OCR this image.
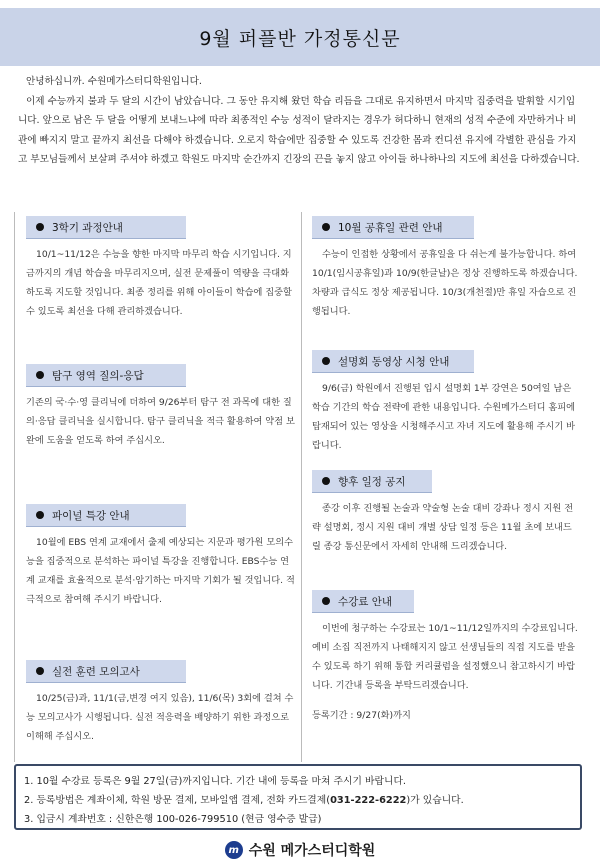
9월 퍼플반 가정통신문

안녕하십니까. 수원메가스터디학원입니다.

이제 수능까지 불과 두 달의 시간이 남았습니다. 그 동안 유지해 왔던 학습 리듬을 그대로 유지하면서 마지막 집중력을 발휘할 시기입니다. 앞으로 남은 두 달을 어떻게 보내느냐에 따라 최종적인 수능 성적이 달라지는 경우가 허다하니 현재의 성적 수준에 자만하거나 비관에 빠지지 말고 끝까지 최선을 다해야 하겠습니다. 오로지 학습에만 집중할 수 있도록 건강한 몸과 컨디션 유지에 각별한 관심을 가지고 부모님들께서 보살펴 주셔야 하겠고 학원도 마지막 순간까지 긴장의 끈을 놓지 않고 아이들 하나하나의 지도에 최선을 다하겠습니다.

3학기 과정안내
10/1~11/12은 수능을 향한 마지막 마무리 학습 시기입니다. 지금까지의 개념 학습을 마무리지으며, 실전 문제풀이 역량을 극대화하도록 지도할 것입니다. 최종 정리를 위해 아이들이 학습에 집중할 수 있도록 최선을 다해 관리하겠습니다.
탐구 영역 질의-응답
기존의 국·수·영 클리닉에 더하여 9/26부터 탐구 전 과목에 대한 질의·응답 클리닉을 실시합니다. 탐구 클리닉을 적극 활용하여 약점 보완에 도움을 얻도록 하여 주십시오.
파이널 특강 안내
10월에 EBS 연계 교재에서 출제 예상되는 지문과 평가원 모의수능을 집중적으로 분석하는 파이널 특강을 진행합니다. EBS수능 연계 교재를 효율적으로 분석·암기하는 마지막 기회가 될 것입니다. 적극적으로 참여해 주시기 바랍니다.
실전 훈련 모의고사
10/25(금)과, 11/1(금,변경 여지 있음), 11/6(목) 3회에 걸쳐 수능 모의고사가 시행됩니다. 실전 적응력을 배양하기 위한 과정으로 이해해 주십시오.
10월 공휴일 관련 안내
수능이 인접한 상황에서 공휴일을 다 쉬는게 불가능합니다. 하여 10/1(임시공휴일)과 10/9(한글날)은 정상 진행하도록 하겠습니다. 차량과 급식도 정상 제공됩니다. 10/3(개천절)만 휴일 자습으로 진행됩니다.
설명회 동영상 시청 안내
9/6(금) 학원에서 진행된 입시 설명회 1부 강연은 50여일 남은 학습 기간의 학습 전략에 관한 내용입니다. 수원메가스터디 홈피에 탑재되어 있는 영상을 시청해주시고 자녀 지도에 활용해 주시기 바랍니다.
향후 일정 공지
종강 이후 진행될 논술과 약술형 논술 대비 강좌나 정시 지원 전략 설명회, 정시 지원 대비 개별 상담 일정 등은 11월 초에 보내드릴 종강 통신문에서 자세히 안내해 드리겠습니다.
수강료 안내
이번에 청구하는 수강료는 10/1~11/12일까지의 수강료입니다. 예비 소집 직전까지 나태해지지 않고 선생님들의 직접 지도를 받을 수 있도록 하기 위해 통합 커리큘럼을 설정했으니 참고하시기 바랍니다. 기간내 등록을 부탁드리겠습니다.
등록기간 : 9/27(화)까지
1. 10월 수강료 등록은 9월 27일(금)까지입니다. 기간 내에 등록을 마쳐 주시기 바랍니다.
2. 등록방법은 계좌이체, 학원 방문 결제, 모바일앱 결제, 전화 카드결제(031-222-6222)가 있습니다.
3. 입금시 계좌번호 : 신한은행 100-026-799510 (현금 영수증 발급)
m 수원 메가스터디학원
